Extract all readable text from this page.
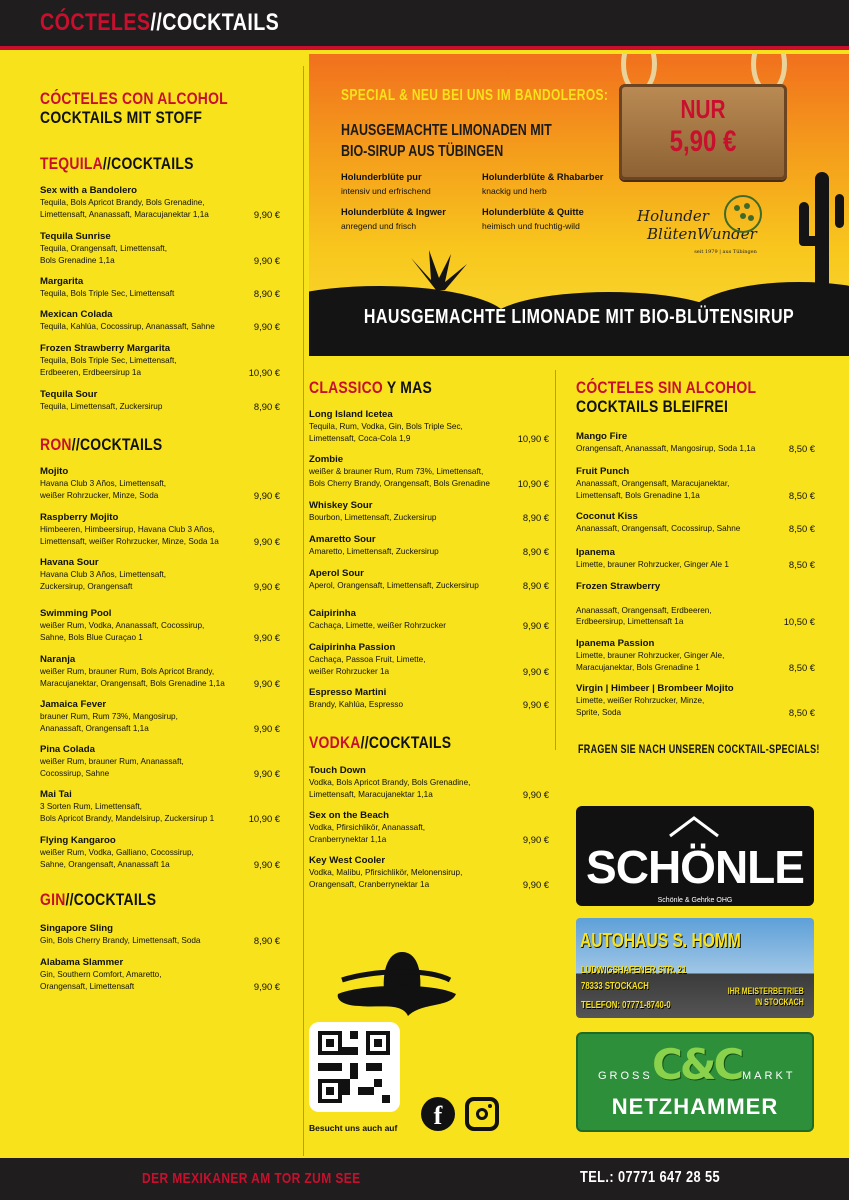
CÓCTELES//COCKTAILS
CÓCTELES CON ALCOHOL
COCKTAILS MIT STOFF
TEQUILA//COCKTAILS
Sex with a Bandolero
Tequila, Bols Apricot Brandy, Bols Grenadine,
Limettensaft, Ananassaft, Maracujanektar 1,1a	9,90 €
Tequila Sunrise
Tequila, Orangensaft, Limettensaft,
Bols Grenadine 1,1a	9,90 €
Margarita
Tequila, Bols Triple Sec, Limettensaft	8,90 €
Mexican Colada
Tequila, Kahlúa, Cocossirup, Ananassaft, Sahne	9,90 €
Frozen Strawberry Margarita
Tequila, Bols Triple Sec, Limettensaft,
Erdbeeren, Erdbeersirup 1a	10,90 €
Tequila Sour
Tequila, Limettensaft, Zuckersirup	8,90 €
RON//COCKTAILS
Mojito
Havana Club 3 Años, Limettensaft,
weißer Rohrzucker, Minze, Soda	9,90 €
Raspberry Mojito
Himbeeren, Himbeersirup, Havana Club 3 Años,
Limettensaft, weißer Rohrzucker, Minze, Soda 1a	9,90 €
Havana Sour
Havana Club 3 Años, Limettensaft,
Zuckersirup, Orangensaft	9,90 €
Swimming Pool
weißer Rum, Vodka, Ananassaft, Cocossirup,
Sahne, Bols Blue Curaçao 1	9,90 €
Naranja
weißer Rum, brauner Rum, Bols Apricot Brandy,
Maracujanektar, Orangensaft, Bols Grenadine 1,1a	9,90 €
Jamaica Fever
brauner Rum, Rum 73%, Mangosirup,
Ananassaft, Orangensaft 1,1a	9,90 €
Pina Colada
weißer Rum, brauner Rum, Ananassaft,
Cocossirup, Sahne	9,90 €
Mai Tai
3 Sorten Rum, Limettensaft,
Bols Apricot Brandy, Mandelsirup, Zuckersirup 1	10,90 €
Flying Kangaroo
weißer Rum, Vodka, Galliano, Cocossirup,
Sahne, Orangensaft, Ananassaft 1a	9,90 €
GIN//COCKTAILS
Singapore Sling
Gin, Bols Cherry Brandy, Limettensaft, Soda	8,90 €
Alabama Slammer
Gin, Southern Comfort, Amaretto,
Orangensaft, Limettensaft	9,90 €
SPECIAL & NEU BEI UNS IM BANDOLEROS:
HAUSGEMACHTE LIMONADEN MIT
BIO-SIRUP AUS TÜBINGEN
Holunderblüte pur
intensiv und erfrischend
Holunderblüte & Rhabarber
knackig und herb
Holunderblüte & Ingwer
anregend und frisch
Holunderblüte & Quitte
heimisch und fruchtig-wild
NUR
5,90 €
Holunder
BlütenWunder
seit 1979 | aus Tübingen
HAUSGEMACHTE LIMONADE MIT BIO-BLÜTENSIRUP
CLASSICO Y MAS
Long Island Icetea
Tequila, Rum, Vodka, Gin, Bols Triple Sec,
Limettensaft, Coca-Cola 1,9	10,90 €
Zombie
weißer & brauner Rum, Rum 73%, Limettensaft,
Bols Cherry Brandy, Orangensaft, Bols Grenadine	10,90 €
Whiskey Sour
Bourbon, Limettensaft, Zuckersirup	8,90 €
Amaretto Sour
Amaretto, Limettensaft, Zuckersirup	8,90 €
Aperol Sour
Aperol, Orangensaft, Limettensaft, Zuckersirup	8,90 €
Caipirinha
Cachaça, Limette, weißer Rohrzucker	9,90 €
Caipirinha Passion
Cachaça, Passoa Fruit, Limette,
weißer Rohrzucker 1a	9,90 €
Espresso Martini
Brandy, Kahlúa, Espresso	9,90 €
VODKA//COCKTAILS
Touch Down
Vodka, Bols Apricot Brandy, Bols Grenadine,
Limettensaft, Maracujanektar 1,1a	9,90 €
Sex on the Beach
Vodka, Pfirsichlikör, Ananassaft,
Cranberrynektar 1,1a	9,90 €
Key West Cooler
Vodka, Malibu, Pfirsichlikör, Melonensirup,
Orangensaft, Cranberrynektar 1a	9,90 €
Besucht uns auch auf	f
CÓCTELES SIN ALCOHOL
COCKTAILS BLEIFREI
Mango Fire
Orangensaft, Ananassaft, Mangosirup, Soda 1,1a	8,50 €
Fruit Punch
Ananassaft, Orangensaft, Maracujanektar,
Limettensaft, Bols Grenadine 1,1a	8,50 €
Coconut Kiss
Ananassaft, Orangensaft, Cocossirup, Sahne	8,50 €
Ipanema
Limette, brauner Rohrzucker, Ginger Ale 1	8,50 €
Frozen Strawberry
Ananassaft, Orangensaft, Erdbeeren,
Erdbeersirup, Limettensaft 1a	10,50 €
Ipanema Passion
Limette, brauner Rohrzucker, Ginger Ale,
Maracujanektar, Bols Grenadine 1	8,50 €
Virgin | Himbeer | Brombeer Mojito
Limette, weißer Rohrzucker, Minze,
Sprite, Soda	8,50 €
FRAGEN SIE NACH UNSEREN COCKTAIL-SPECIALS!
SCHÖNLE
Schönle & Gehrke OHG
AUTOHAUS S. HOMM
LUDWIGSHAFENER STR. 21
78333 STOCKACH
TELEFON: 07771-8740-0
IHR MEISTERBETRIEB
IN STOCKACH
GROSS C&C MARKT
NETZHAMMER
DER MEXIKANER AM TOR ZUM SEE	TEL.: 07771 647 28 55
